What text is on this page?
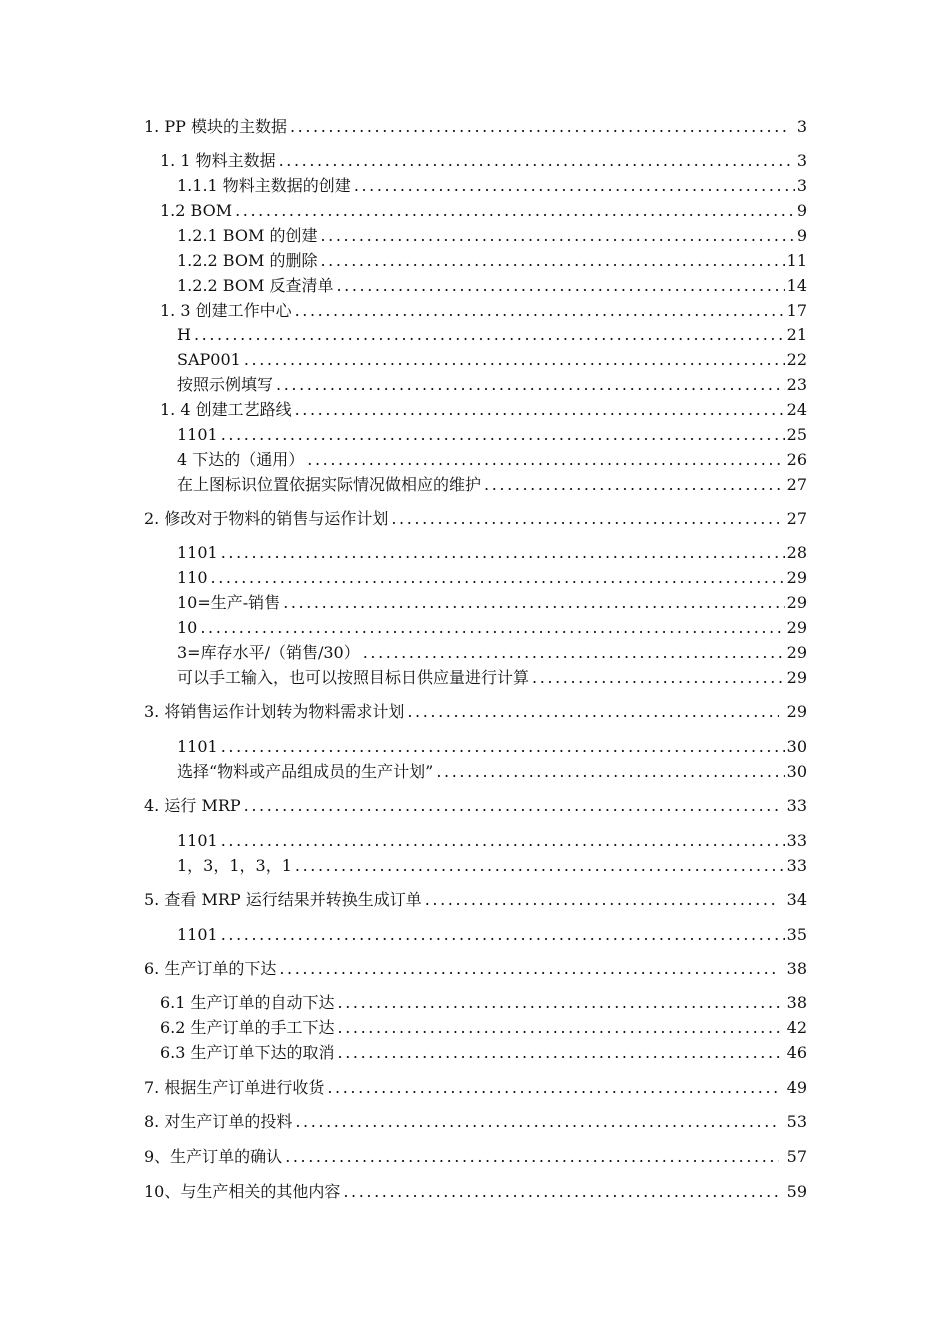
1. PP 模块的主数据 .....	3
1. 1 物料主数据 .....	3
1.1.1 物料主数据的创建 .....	3
1.2 BOM .....	9
1.2.1 BOM 的创建 .....	9
1.2.2 BOM 的删除 .....	11
1.2.2 BOM 反查清单 .....	14
1. 3 创建工作中心 .....	17
H .....	21
SAP001 .....	22
按照示例填写 .....	23
1. 4 创建工艺路线 .....	24
1101 .....	25
4 下达的（通用） .....	26
在上图标识位置依据实际情况做相应的维护 .....	27
2. 修改对于物料的销售与运作计划 .....	27
1101 .....	28
110 .....	29
10=生产-销售 .....	29
10 .....	29
3=库存水平/（销售/30） .....	29
可以手工输入，也可以按照目标日供应量进行计算 .....	29
3. 将销售运作计划转为物料需求计划 .....	29
1101 .....	30
选择“物料或产品组成员的生产计划” .....	30
4. 运行 MRP .....	33
1101 .....	33
1，3，1，3，1 .....	33
5. 查看 MRP 运行结果并转换生成订单 .....	34
1101 .....	35
6. 生产订单的下达 .....	38
6.1 生产订单的自动下达 .....	38
6.2 生产订单的手工下达 .....	42
6.3 生产订单下达的取消 .....	46
7. 根据生产订单进行收货 .....	49
8. 对生产订单的投料 .....	53
9、生产订单的确认 .....	57
10、与生产相关的其他内容 .....	59
